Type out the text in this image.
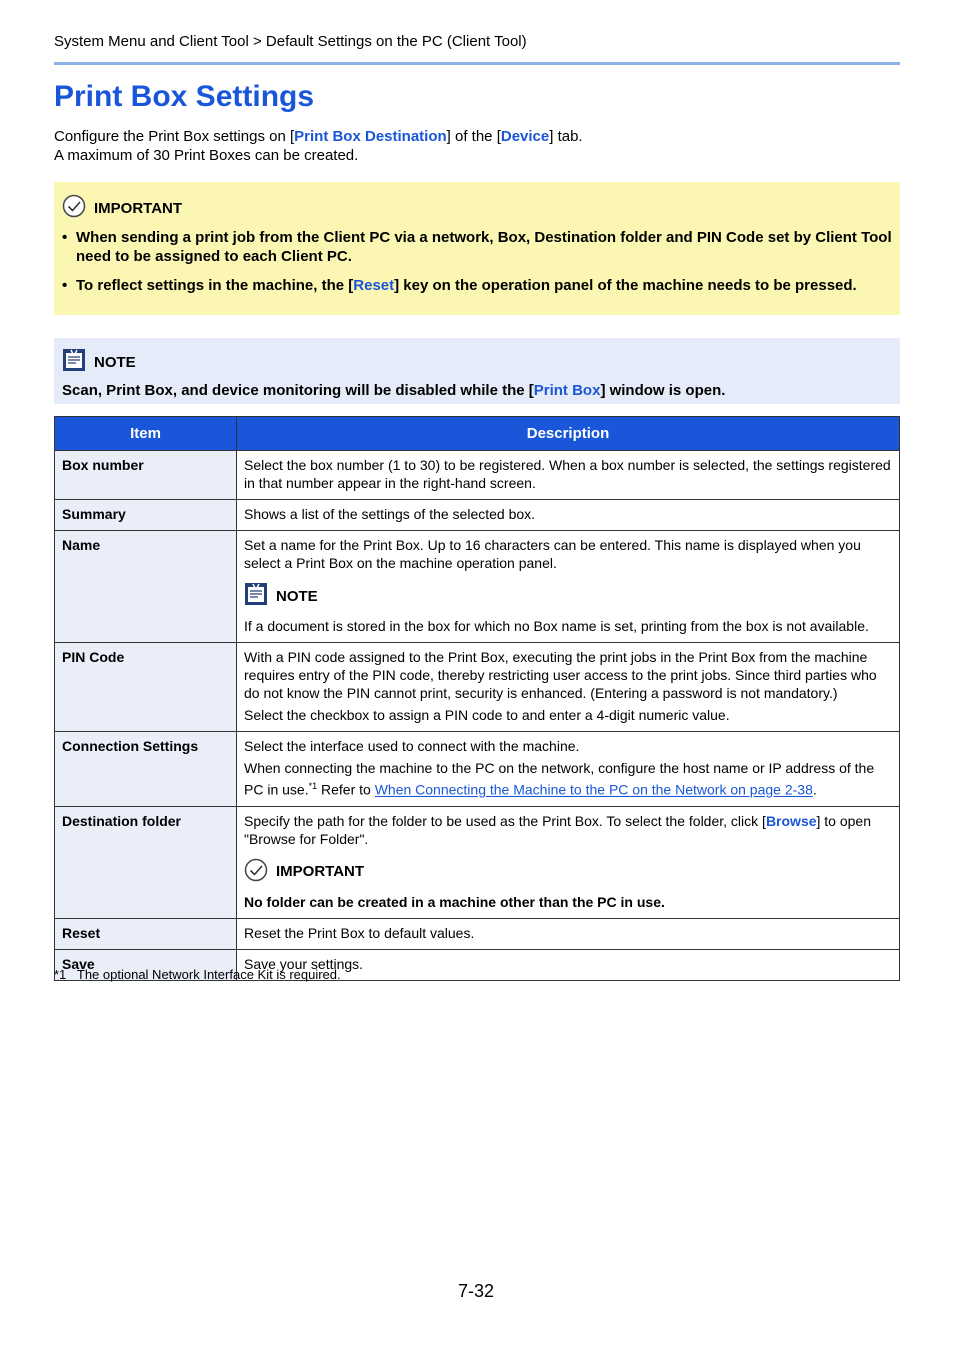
System Menu and Client Tool > Default Settings on the PC (Client Tool)
Print Box Settings
Configure the Print Box settings on [Print Box Destination] of the [Device] tab.
A maximum of 30 Print Boxes can be created.
IMPORTANT
• When sending a print job from the Client PC via a network, Box, Destination folder and PIN Code set by Client Tool need to be assigned to each Client PC.
• To reflect settings in the machine, the [Reset] key on the operation panel of the machine needs to be pressed.
NOTE
Scan, Print Box, and device monitoring will be disabled while the [Print Box] window is open.
Item	Description
Box number	Select the box number (1 to 30) to be registered. When a box number is selected, the settings registered in that number appear in the right-hand screen.
Summary	Shows a list of the settings of the selected box.
Name	Set a name for the Print Box. Up to 16 characters can be entered. This name is displayed when you select a Print Box on the machine operation panel.
NOTE
If a document is stored in the box for which no Box name is set, printing from the box is not available.

PIN Code	With a PIN code assigned to the Print Box, executing the print jobs in the Print Box from the machine requires entry of the PIN code, thereby restricting user access to the print jobs. Since third parties who do not know the PIN cannot print, security is enhanced. (Entering a password is not mandatory.)
Select the checkbox to assign a PIN code to and enter a 4-digit numeric value.

Connection Settings	Select the interface used to connect with the machine.
When connecting the machine to the PC on the network, configure the host name or IP address of the PC in use.$^{*1}$ Refer to When Connecting the Machine to the PC on the Network on page 2-38.

Destination folder	Specify the path for the folder to be used as the Print Box. To select the folder, click [Browse] to open "Browse for Folder".
IMPORTANT
No folder can be created in a machine other than the PC in use.

Reset	Reset the Print Box to default values.
Save	Save your settings.
*1   The optional Network Interface Kit is required.
7-32
